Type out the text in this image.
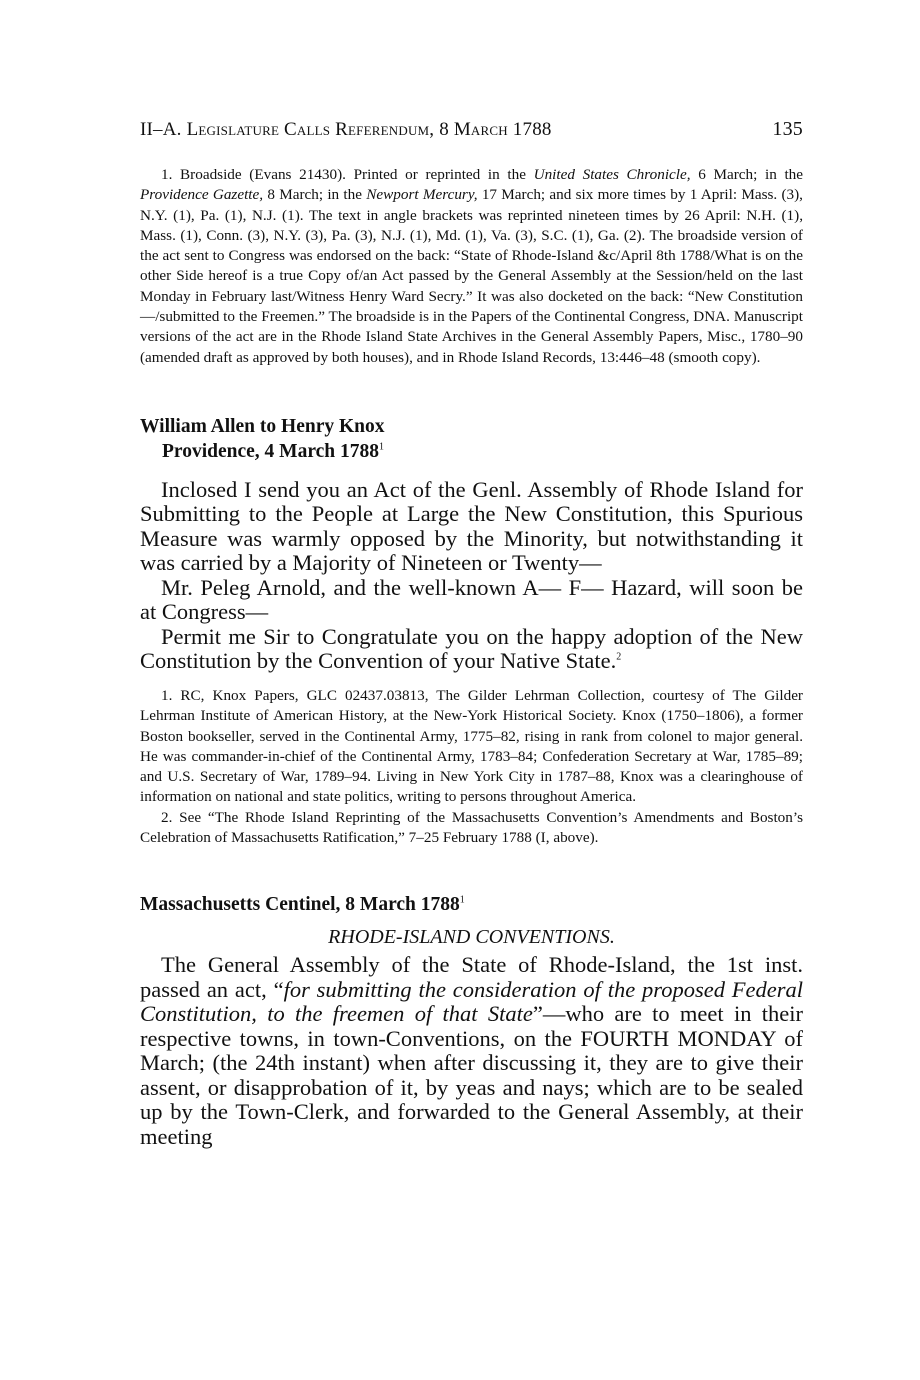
II–A. Legislature Calls Referendum, 8 March 1788	135

1. Broadside (Evans 21430). Printed or reprinted in the United States Chronicle, 6 March; in the Providence Gazette, 8 March; in the Newport Mercury, 17 March; and six more times by 1 April: Mass. (3), N.Y. (1), Pa. (1), N.J. (1). The text in angle brackets was reprinted nineteen times by 26 April: N.H. (1), Mass. (1), Conn. (3), N.Y. (3), Pa. (3), N.J. (1), Md. (1), Va. (3), S.C. (1), Ga. (2). The broadside version of the act sent to Congress was endorsed on the back: “State of Rhode-Island &c/April 8th 1788/What is on the other Side hereof is a true Copy of/an Act passed by the General Assembly at the Session/held on the last Monday in February last/Witness Henry Ward Secry.” It was also docketed on the back: “New Constitution—/submitted to the Freemen.” The broadside is in the Papers of the Continental Congress, DNA. Manuscript versions of the act are in the Rhode Island State Archives in the General Assembly Papers, Misc., 1780–90 (amended draft as approved by both houses), and in Rhode Island Records, 13:446–48 (smooth copy).

William Allen to Henry Knox
Providence, 4 March 1788$^1$

Inclosed I send you an Act of the Genl. Assembly of Rhode Island for Submitting to the People at Large the New Constitution, this Spurious Measure was warmly opposed by the Minority, but notwithstanding it was carried by a Majority of Nineteen or Twenty—

Mr. Peleg Arnold, and the well-known A— F— Hazard, will soon be at Congress—

Permit me Sir to Congratulate you on the happy adoption of the New Constitution by the Convention of your Native State.$^2$

1. RC, Knox Papers, GLC 02437.03813, The Gilder Lehrman Collection, courtesy of The Gilder Lehrman Institute of American History, at the New-York Historical Society. Knox (1750–1806), a former Boston bookseller, served in the Continental Army, 1775–82, rising in rank from colonel to major general. He was commander-in-chief of the Continental Army, 1783–84; Confederation Secretary at War, 1785–89; and U.S. Secretary of War, 1789–94. Living in New York City in 1787–88, Knox was a clearinghouse of information on national and state politics, writing to persons throughout America.

2. See “The Rhode Island Reprinting of the Massachusetts Convention’s Amendments and Boston’s Celebration of Massachusetts Ratification,” 7–25 February 1788 (I, above).

Massachusetts Centinel, 8 March 1788$^1$

RHODE-ISLAND CONVENTIONS.

The General Assembly of the State of Rhode-Island, the 1st inst. passed an act, “for submitting the consideration of the proposed Federal Constitution, to the freemen of that State”—who are to meet in their respective towns, in town-Conventions, on the FOURTH MONDAY of March; (the 24th instant) when after discussing it, they are to give their assent, or disapprobation of it, by yeas and nays; which are to be sealed up by the Town-Clerk, and forwarded to the General Assembly, at their meeting
